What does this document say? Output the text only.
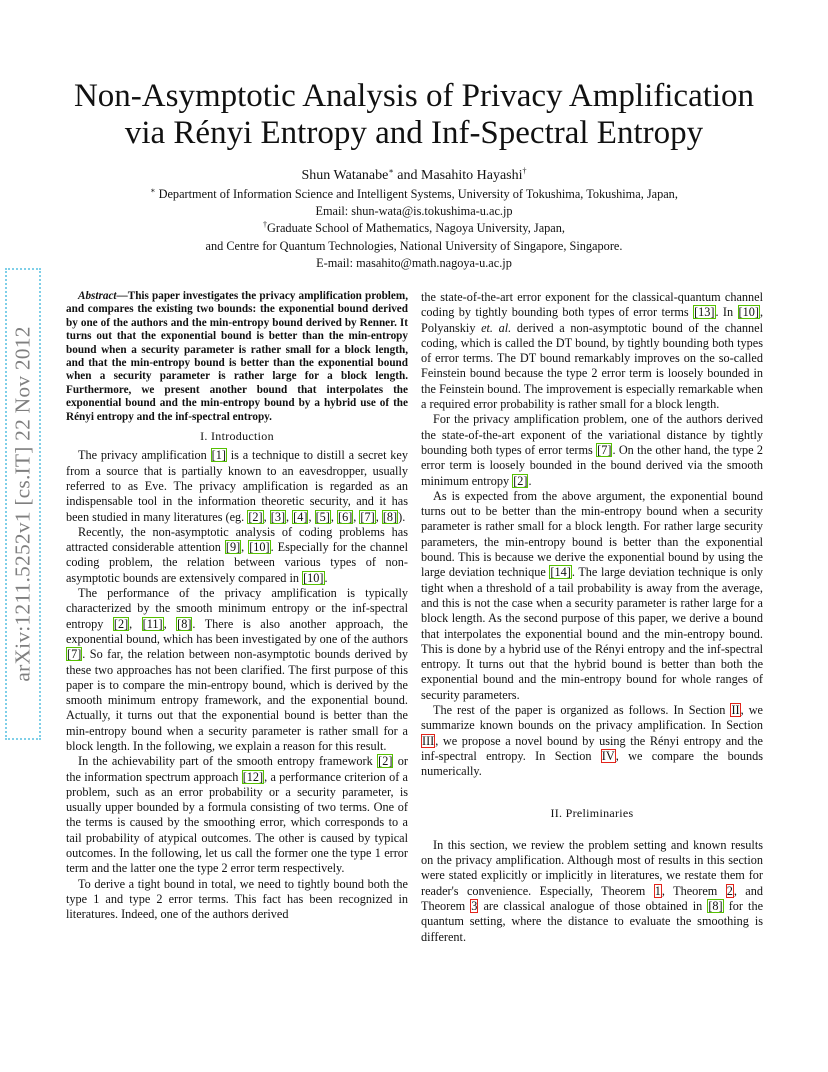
arXiv:1211.5252v1 [cs.IT] 22 Nov 2012
Non-Asymptotic Analysis of Privacy Amplification
via Rényi Entropy and Inf-Spectral Entropy
Shun Watanabe∗ and Masahito Hayashi†
∗ Department of Information Science and Intelligent Systems, University of Tokushima, Tokushima, Japan,
Email: shun-wata@is.tokushima-u.ac.jp
†Graduate School of Mathematics, Nagoya University, Japan,
and Centre for Quantum Technologies, National University of Singapore, Singapore.
E-mail: masahito@math.nagoya-u.ac.jp

Abstract—This paper investigates the privacy amplification problem, and compares the existing two bounds: the exponential bound derived by one of the authors and the min-entropy bound derived by Renner. It turns out that the exponential bound is better than the min-entropy bound when a security parameter is rather small for a block length, and that the min-entropy bound is better than the exponential bound when a security parameter is rather large for a block length. Furthermore, we present another bound that interpolates the exponential bound and the min-entropy bound by a hybrid use of the Rényi entropy and the inf-spectral entropy.

I. Introduction

The privacy amplification [1] is a technique to distill a secret key from a source that is partially known to an eavesdropper, usually referred to as Eve. The privacy amplification is regarded as an indispensable tool in the information theoretic security, and it has been studied in many literatures (eg. [2], [3], [4], [5], [6], [7], [8]).

Recently, the non-asymptotic analysis of coding problems has attracted considerable attention [9], [10]. Especially for the channel coding problem, the relation between various types of non-asymptotic bounds are extensively compared in [10].

The performance of the privacy amplification is typically characterized by the smooth minimum entropy or the inf-spectral entropy [2], [11], [8]. There is also another approach, the exponential bound, which has been investigated by one of the authors [7]. So far, the relation between non-asymptotic bounds derived by these two approaches has not been clarified. The first purpose of this paper is to compare the min-entropy bound, which is derived by the smooth minimum entropy framework, and the exponential bound. Actually, it turns out that the exponential bound is better than the min-entropy bound when a security parameter is rather small for a block length. In the following, we explain a reason for this result.

In the achievability part of the smooth entropy framework [2] or the information spectrum approach [12], a performance criterion of a problem, such as an error probability or a security parameter, is usually upper bounded by a formula consisting of two terms. One of the terms is caused by the smoothing error, which corresponds to a tail probability of atypical outcomes. The other is caused by typical outcomes. In the following, let us call the former one the type 1 error term and the latter one the type 2 error term respectively.

To derive a tight bound in total, we need to tightly bound both the type 1 and type 2 error terms. This fact has been recognized in literatures. Indeed, one of the authors derived

the state-of-the-art error exponent for the classical-quantum channel coding by tightly bounding both types of error terms [13]. In [10], Polyanskiy et. al. derived a non-asymptotic bound of the channel coding, which is called the DT bound, by tightly bounding both types of error terms. The DT bound remarkably improves on the so-called Feinstein bound because the type 2 error term is loosely bounded in the Feinstein bound. The improvement is especially remarkable when a required error probability is rather small for a block length.

For the privacy amplification problem, one of the authors derived the state-of-the-art exponent of the variational distance by tightly bounding both types of error terms [7]. On the other hand, the type 2 error term is loosely bounded in the bound derived via the smooth minimum entropy [2].

As is expected from the above argument, the exponential bound turns out to be better than the min-entropy bound when a security parameter is rather small for a block length. For rather large security parameters, the min-entropy bound is better than the exponential bound. This is because we derive the exponential bound by using the large deviation technique [14]. The large deviation technique is only tight when a threshold of a tail probability is away from the average, and this is not the case when a security parameter is rather large for a block length. As the second purpose of this paper, we derive a bound that interpolates the exponential bound and the min-entropy bound. This is done by a hybrid use of the Rényi entropy and the inf-spectral entropy. It turns out that the hybrid bound is better than both the exponential bound and the min-entropy bound for whole ranges of security parameters.

The rest of the paper is organized as follows. In Section II, we summarize known bounds on the privacy amplification. In Section III, we propose a novel bound by using the Rényi entropy and the inf-spectral entropy. In Section IV, we compare the bounds numerically.

II. Preliminaries

In this section, we review the problem setting and known results on the privacy amplification. Although most of results in this section were stated explicitly or implicitly in literatures, we restate them for reader's convenience. Especially, Theorem 1, Theorem 2, and Theorem 3 are classical analogue of those obtained in [8] for the quantum setting, where the distance to evaluate the smoothing is different.
